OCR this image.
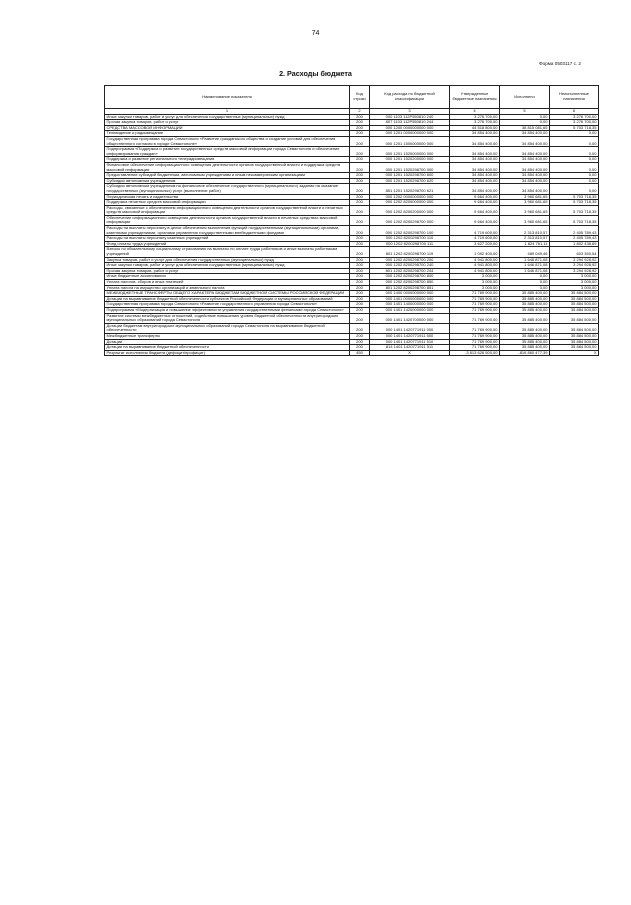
74
Форма 0503117 с. 2
2. Расходы бюджета
Наименование показателя	Код строки	Код расхода по бюджетной классификации	Утвержденные бюджетные назначения	Исполнено	Неисполненные назначения
1	2	3	4	5	6
Иные закупки товаров, работ и услуг для обеспечения государственных (муниципальных) нужд	200	000 1103 112Р550810 240	3 276 700,00	0,00	3 276 700,00
Прочая закупка товаров, работ и услуг	200	807 1103 112Р550810 244	3 276 700,00	0,00	3 276 700,00
СРЕДСТВА МАССОВОЙ ИНФОРМАЦИИ	200	000 1200 0000000000 000	44 518 800,00	38 815 081,65	5 703 718,35
Телевидение и радиовещание	200	000 1201 0000000000 000	34 854 400,00	34 854 400,00	0,00
Государственная программа города Севастополя «Развитие гражданского общества и создание условий для обеспечения общественного согласия в городе Севастополе»	200	000 1201 1500000000 000	34 854 400,00	34 854 400,00	0,00
Подпрограмма «Поддержка и развитие государственных средств массовой информации города Севастополя и обеспечение информирования граждан»	200	000 1201 1520000000 000	34 854 400,00	34 854 400,00	0,00
Поддержка и развитие регионального телерадиовещания	200	000 1201 1520200000 000	34 854 400,00	34 854 400,00	0,00
Финансовое обеспечение информационного освещения деятельности органов государственной власти и поддержка средств массовой информации	200	000 1201 1520298700 000	34 854 400,00	34 854 400,00	0,00
Предоставление субсидий бюджетным, автономным учреждениям и иным некоммерческим организациям	200	000 1201 1520298700 600	34 854 400,00	34 854 400,00	0,00
Субсидии автономным учреждениям	200	000 1201 1520298700 620	34 854 400,00	34 854 400,00	0,00
Субсидии автономным учреждениям на финансовое обеспечение государственного (муниципального) задания на оказание государственных (муниципальных) услуг (выполнение работ)	200	851 1201 1520298700 621	34 854 400,00	34 854 400,00	0,00
Периодическая печать и издательства	200	000 1202 0000000000 000	9 664 400,00	3 960 681,65	5 703 718,35
Поддержка печатных средств массовой информации	200	000 1202 8200000000 000	9 664 400,00	3 960 681,65	5 703 718,35
Расходы, связанные с обеспечением информационного освещения деятельности органов государственной власти и печатных средств массовой информации	200	000 1202 8200200000 000	9 664 400,00	3 960 681,65	5 703 718,35
Обеспечение информационного освещения деятельности органов государственной власти в печатных средствах массовой информации	200	000 1202 8200298700 000	9 664 400,00	3 960 681,65	5 703 718,35
Расходы на выплаты персоналу в целях обеспечения выполнения функций государственными (муниципальными) органами, казенными учреждениями, органами управления государственными внебюджетными фондами	200	000 1202 8200298700 100	4 719 600,00	2 313 810,57	2 405 789,43
Расходы на выплаты персоналу казенных учреждений	200	000 1202 8200298700 110	4 719 600,00	2 313 810,57	2 405 789,43
Фонд оплаты труда учреждений	200	000 1202 8200298700 111	3 627 200,00	1 824 761,11	1 802 438,89
Взносы по обязательному социальному страхованию на выплаты по оплате труда работников и иные выплаты работникам учреждений	200	801 1202 8200298700 119	1 092 400,00	489 049,46	603 350,54
Закупка товаров, работ и услуг для обеспечения государственных (муниципальных) нужд	200	000 1202 8200298700 200	4 941 800,00	1 646 871,08	3 294 928,92
Иные закупки товаров, работ и услуг для обеспечения государственных (муниципальных) нужд	200	000 1202 8200298700 240	4 941 800,00	1 646 871,08	3 294 928,92
Прочая закупка товаров, работ и услуг	200	801 1202 8200298700 244	4 941 800,00	1 646 871,08	3 294 928,92
Иные бюджетные ассигнования	200	000 1202 8200298700 800	3 000,00	0,00	3 000,00
Уплата налогов, сборов и иных платежей	200	000 1202 8200298700 850	3 000,00	0,00	3 000,00
Уплата налога на имущество организаций и земельного налога	200	801 1202 8200298700 851	3 000,00	0,00	3 000,00
МЕЖБЮДЖЕТНЫЕ ТРАНСФЕРТЫ ОБЩЕГО ХАРАКТЕРА БЮДЖЕТАМ БЮДЖЕТНОЙ СИСТЕМЫ РОССИЙСКОЙ ФЕДЕРАЦИИ	200	000 1400 0000000000 000	71 769 900,00	35 885 400,00	35 884 500,00
Дотации на выравнивание бюджетной обеспеченности субъектов Российской Федерации и муниципальных образований	200	000 1401 0000000000 000	71 769 900,00	35 885 400,00	35 884 500,00
Государственная программа города Севастополя «Развитие государственного управления города Севастополя»	200	000 1401 1400000000 000	71 769 900,00	35 885 400,00	35 884 500,00
Подпрограмма «Модернизация и повышение эффективности управления государственными финансами города Севастополя»	200	000 1401 1420000000 000	71 769 900,00	35 885 400,00	35 884 500,00
Развитие системы межбюджетных отношений, содействие повышению уровня бюджетной обеспеченности внутригородских муниципальных образований города Севастополя	200	000 1401 1420700000 000	71 769 900,00	35 885 400,00	35 884 500,00
Дотации бюджетам внутригородских муниципальных образований города Севастополя на выравнивание бюджетной обеспеченности	200	000 1401 1420771911 000	71 769 900,00	35 885 400,00	35 884 500,00
Межбюджетные трансферты	200	000 1401 1420771911 500	71 769 900,00	35 885 400,00	35 884 500,00
Дотации	200	000 1401 1420771911 510	71 769 900,00	35 885 400,00	35 884 500,00
Дотации на выравнивание бюджетной обеспеченности	200	814 1401 1420771911 511	71 769 900,00	35 885 400,00	35 884 500,00
Результат исполнения бюджета (дефицит/профицит)	450	X	-3 813 628 500,00	-816 860 477,39	X
